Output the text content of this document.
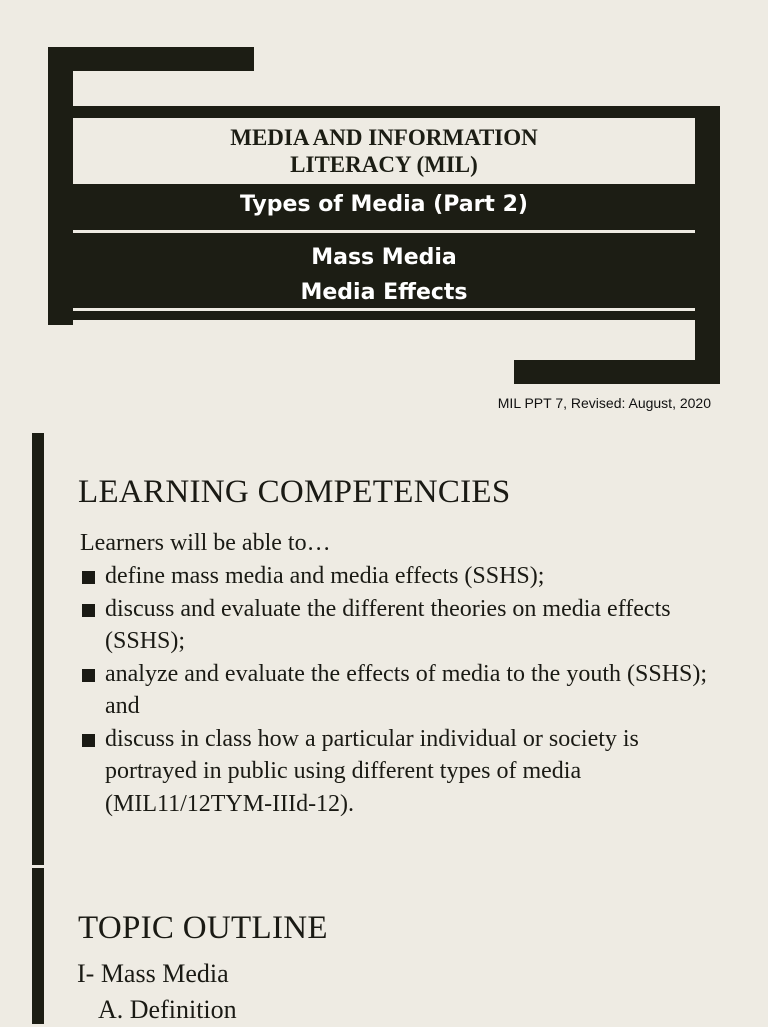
MEDIA AND INFORMATION
LITERACY (MIL)
Types of Media (Part 2)
Mass Media
Media Effects
MIL PPT 7, Revised: August, 2020
LEARNING COMPETENCIES
Learners will be able to…
define mass media and media effects (SSHS);
discuss and evaluate the different theories on media effects (SSHS);
analyze and evaluate the effects of media to the youth (SSHS); and
discuss in class how a particular individual or society is portrayed in public using different types of media (MIL11/12TYM-IIId-12).
TOPIC OUTLINE
I- Mass Media
A. Definition
